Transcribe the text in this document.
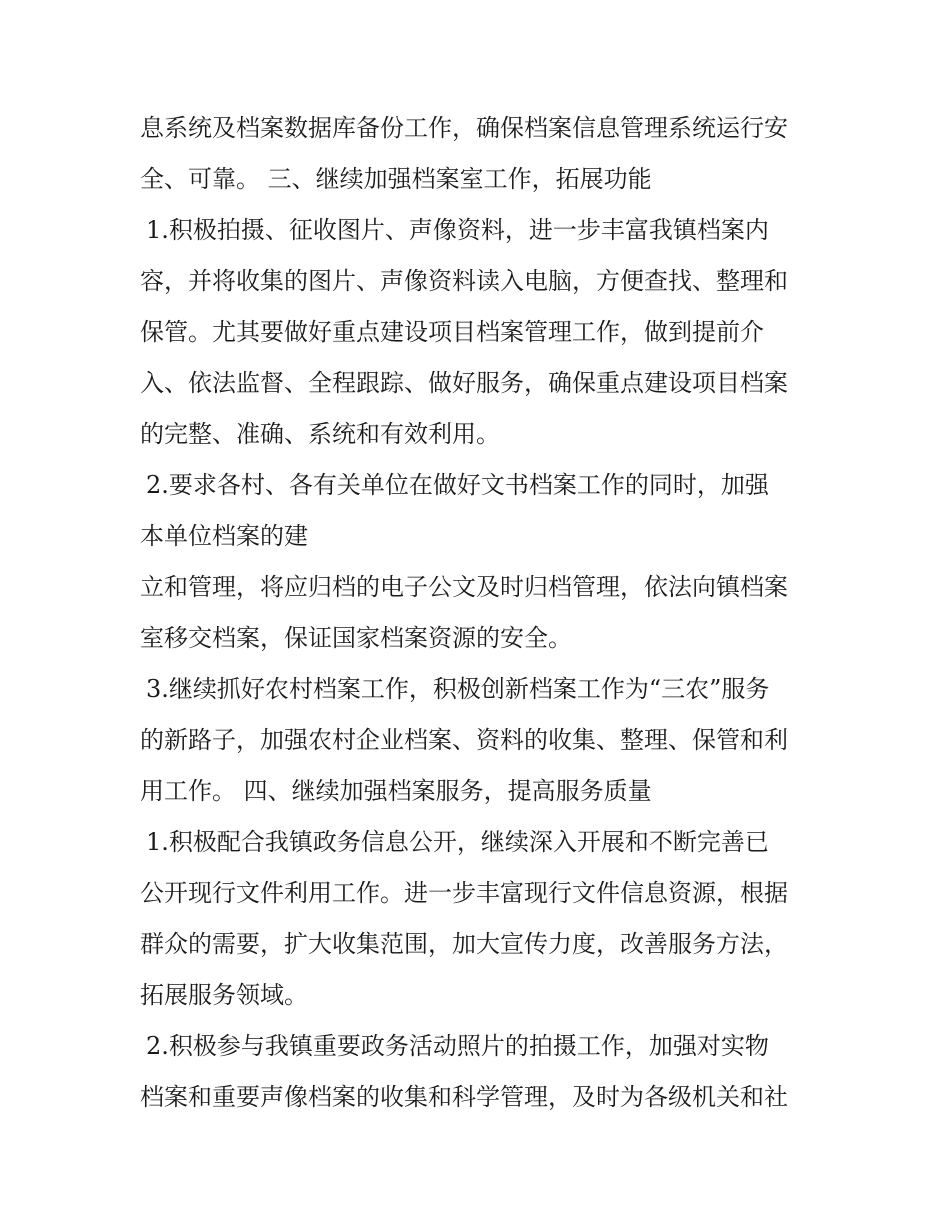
息系统及档案数据库备份工作，确保档案信息管理系统运行安
全、可靠。 三、继续加强档案室工作，拓展功能
1.积极拍摄、征收图片、声像资料，进一步丰富我镇档案内
容，并将收集的图片、声像资料读入电脑，方便查找、整理和
保管。尤其要做好重点建设项目档案管理工作，做到提前介
入、依法监督、全程跟踪、做好服务，确保重点建设项目档案
的完整、准确、系统和有效利用。
2.要求各村、各有关单位在做好文书档案工作的同时，加强
本单位档案的建
立和管理，将应归档的电子公文及时归档管理，依法向镇档案
室移交档案，保证国家档案资源的安全。
3.继续抓好农村档案工作，积极创新档案工作为“三农”服务
的新路子，加强农村企业档案、资料的收集、整理、保管和利
用工作。 四、继续加强档案服务，提高服务质量
1.积极配合我镇政务信息公开，继续深入开展和不断完善已
公开现行文件利用工作。进一步丰富现行文件信息资源，根据
群众的需要，扩大收集范围，加大宣传力度，改善服务方法，
拓展服务领域。
2.积极参与我镇重要政务活动照片的拍摄工作，加强对实物
档案和重要声像档案的收集和科学管理，及时为各级机关和社
